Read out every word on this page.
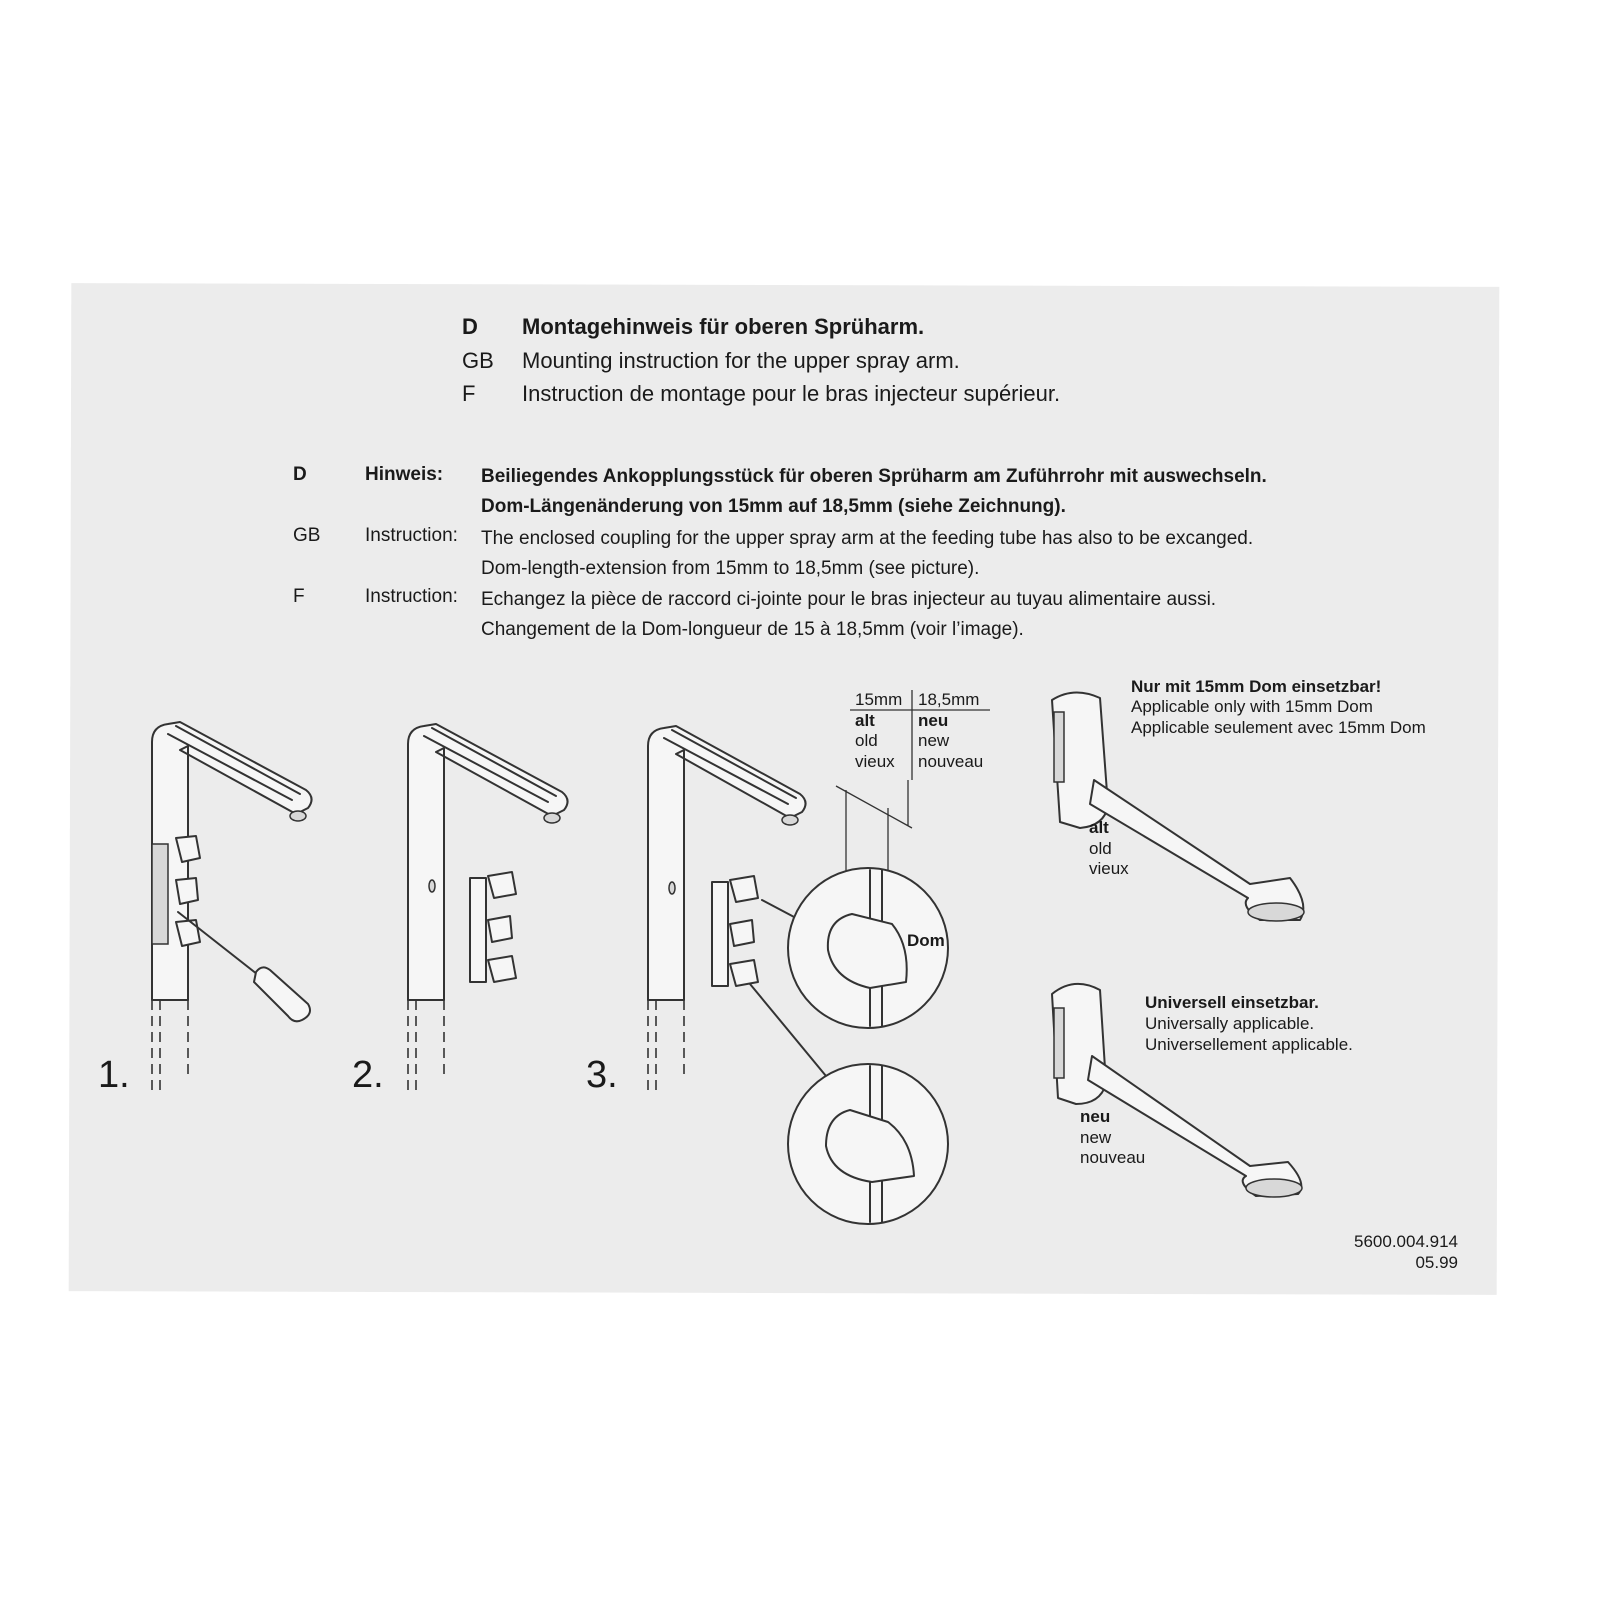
D Montagehinweis für oberen Sprüharm.
GB Mounting instruction for the upper spray arm.
F Instruction de montage pour le bras injecteur supérieur.
D	Hinweis: Beiliegendes Ankopplungsstück für oberen Sprüharm am Zuführrohr mit auswechseln.
Dom-Längenänderung von 15mm auf 18,5mm (siehe Zeichnung).
GB Instruction: The enclosed coupling for the upper spray arm at the feeding tube has also to be excanged.
Dom-length-extension from 15mm to 18,5mm (see picture).
F	Instruction: Echangez la pièce de raccord ci-jointe pour le bras injecteur au tuyau alimentaire aussi.
Changement de la Dom-longueur de 15 à 18,5mm (voir l’image).
1.	2.	3.
15mm 18,5mm
alt	neu
old new
vieux nouveau
Dom
Nur mit 15mm Dom einsetzbar!
Applicable only with 15mm Dom
Applicable seulement avec 15mm Dom
alt
old
vieux
Universell einsetzbar.
Universally applicable.
Universellement applicable.
neu
new
nouveau
5600.004.914
05.99
